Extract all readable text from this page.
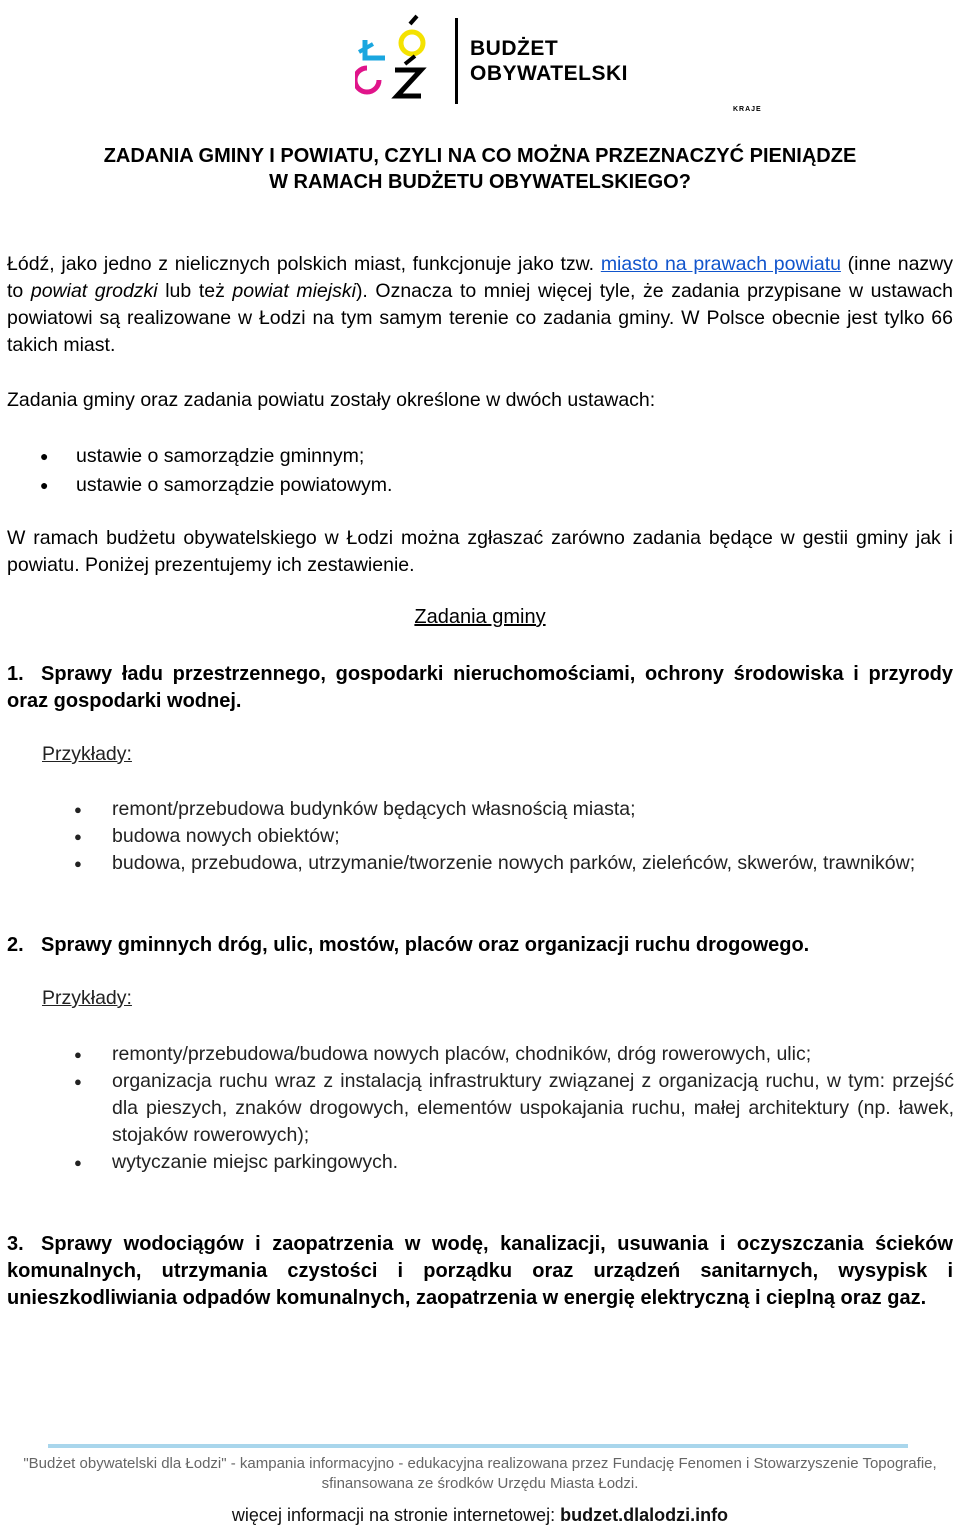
KRAJE
BUDŻET
OBYWATELSKI
ZADANIA GMINY I POWIATU, CZYLI NA CO MOŻNA PRZEZNACZYĆ PIENIĄDZE
W RAMACH BUDŻETU OBYWATELSKIEGO?
Łódź, jako jedno z nielicznych polskich miast, funkcjonuje jako tzw. miasto na prawach powiatu (inne nazwy to powiat grodzki lub też powiat miejski). Oznacza to mniej więcej tyle, że zadania przypisane w ustawach powiatowi są realizowane w Łodzi na tym samym terenie co zadania gminy. W Polsce obecnie jest tylko 66 takich miast.
Zadania gminy oraz zadania powiatu zostały określone w dwóch ustawach:
●	ustawie o samorządzie gminnym;
●	ustawie o samorządzie powiatowym.
W ramach budżetu obywatelskiego w Łodzi można zgłaszać zarówno zadania będące w gestii gminy jak i powiatu. Poniżej prezentujemy ich zestawienie.
Zadania gminy
1. Sprawy ładu przestrzennego, gospodarki nieruchomościami, ochrony środowiska i przyrody oraz gospodarki wodnej.
Przykłady:
●	remont/przebudowa budynków będących własnością miasta;
●	budowa nowych obiektów;
●	budowa, przebudowa, utrzymanie/tworzenie nowych parków, zieleńców, skwerów, trawników;
2. Sprawy gminnych dróg, ulic, mostów, placów oraz organizacji ruchu drogowego.
Przykłady:
●	remonty/przebudowa/budowa nowych placów, chodników, dróg rowerowych, ulic;
●	organizacja ruchu wraz z instalacją infrastruktury związanej z organizacją ruchu, w tym: przejść dla pieszych, znaków drogowych, elementów uspokajania ruchu, małej architektury (np. ławek, stojaków rowerowych);
●	wytyczanie miejsc parkingowych.
3. Sprawy wodociągów i zaopatrzenia w wodę, kanalizacji, usuwania i oczyszczania ścieków komunalnych, utrzymania czystości i porządku oraz urządzeń sanitarnych, wysypisk i unieszkodliwiania odpadów komunalnych, zaopatrzenia w energię elektryczną i cieplną oraz gaz.
"Budżet obywatelski dla Łodzi" - kampania informacyjno - edukacyjna realizowana przez Fundację Fenomen i Stowarzyszenie Topografie,
sfinansowana ze środków Urzędu Miasta Łodzi.
więcej informacji na stronie internetowej: budzet.dlalodzi.info
